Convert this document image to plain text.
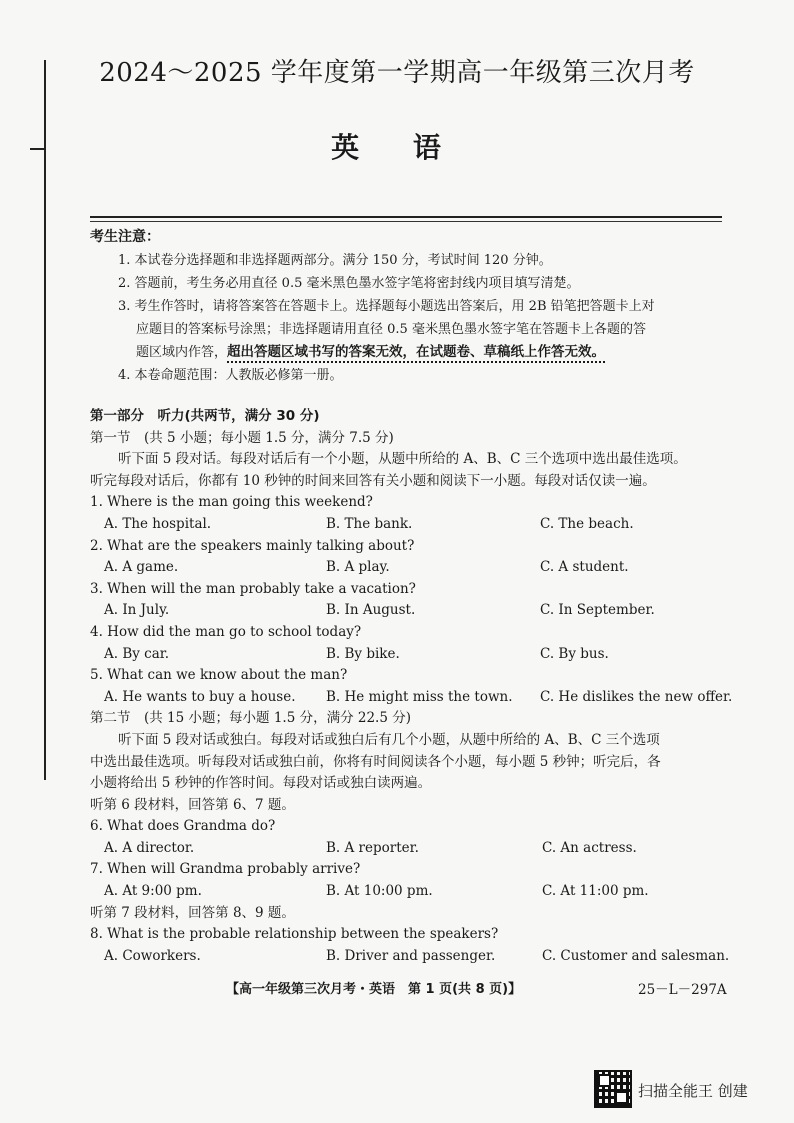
2024～2025 学年度第一学期高一年级第三次月考
英 语

考生注意：

1. 本试卷分选择题和非选择题两部分。满分 150 分，考试时间 120 分钟。

2. 答题前，考生务必用直径 0.5 毫米黑色墨水签字笔将密封线内项目填写清楚。

3. 考生作答时，请将答案答在答题卡上。选择题每小题选出答案后，用 2B 铅笔把答题卡上对

应题目的答案标号涂黑；非选择题请用直径 0.5 毫米黑色墨水签字笔在答题卡上各题的答

题区域内作答，超出答题区域书写的答案无效，在试题卷、草稿纸上作答无效。

4. 本卷命题范围：人教版必修第一册。

第一部分　听力(共两节，满分 30 分)

第一节　(共 5 小题；每小题 1.5 分，满分 7.5 分)

听下面 5 段对话。每段对话后有一个小题，从题中所给的 A、B、C 三个选项中选出最佳选项。

听完每段对话后，你都有 10 秒钟的时间来回答有关小题和阅读下一小题。每段对话仅读一遍。

1. Where is the man going this weekend?

A. The hospital.	B. The bank.	C. The beach.

2. What are the speakers mainly talking about?

A. A game.	B. A play.	C. A student.

3. When will the man probably take a vacation?

A. In July.	B. In August.	C. In September.

4. How did the man go to school today?

A. By car.	B. By bike.	C. By bus.

5. What can we know about the man?

A. He wants to buy a house. B. He might miss the town. C. He dislikes the new offer.

第二节　(共 15 小题；每小题 1.5 分，满分 22.5 分)

听下面 5 段对话或独白。每段对话或独白后有几个小题，从题中所给的 A、B、C 三个选项

中选出最佳选项。听每段对话或独白前，你将有时间阅读各个小题，每小题 5 秒钟；听完后，各

小题将给出 5 秒钟的作答时间。每段对话或独白读两遍。

听第 6 段材料，回答第 6、7 题。

6. What does Grandma do?

A. A director.	B. A reporter.	C. An actress.

7. When will Grandma probably arrive?

A. At 9:00 pm.	B. At 10:00 pm.	C. At 11:00 pm.

听第 7 段材料，回答第 8、9 题。

8. What is the probable relationship between the speakers?

A. Coworkers.	B. Driver and passenger.	C. Customer and salesman.
【高一年级第三次月考・英语　第 1 页(共 8 页)】	25－L－297A
扫描全能王 创建
